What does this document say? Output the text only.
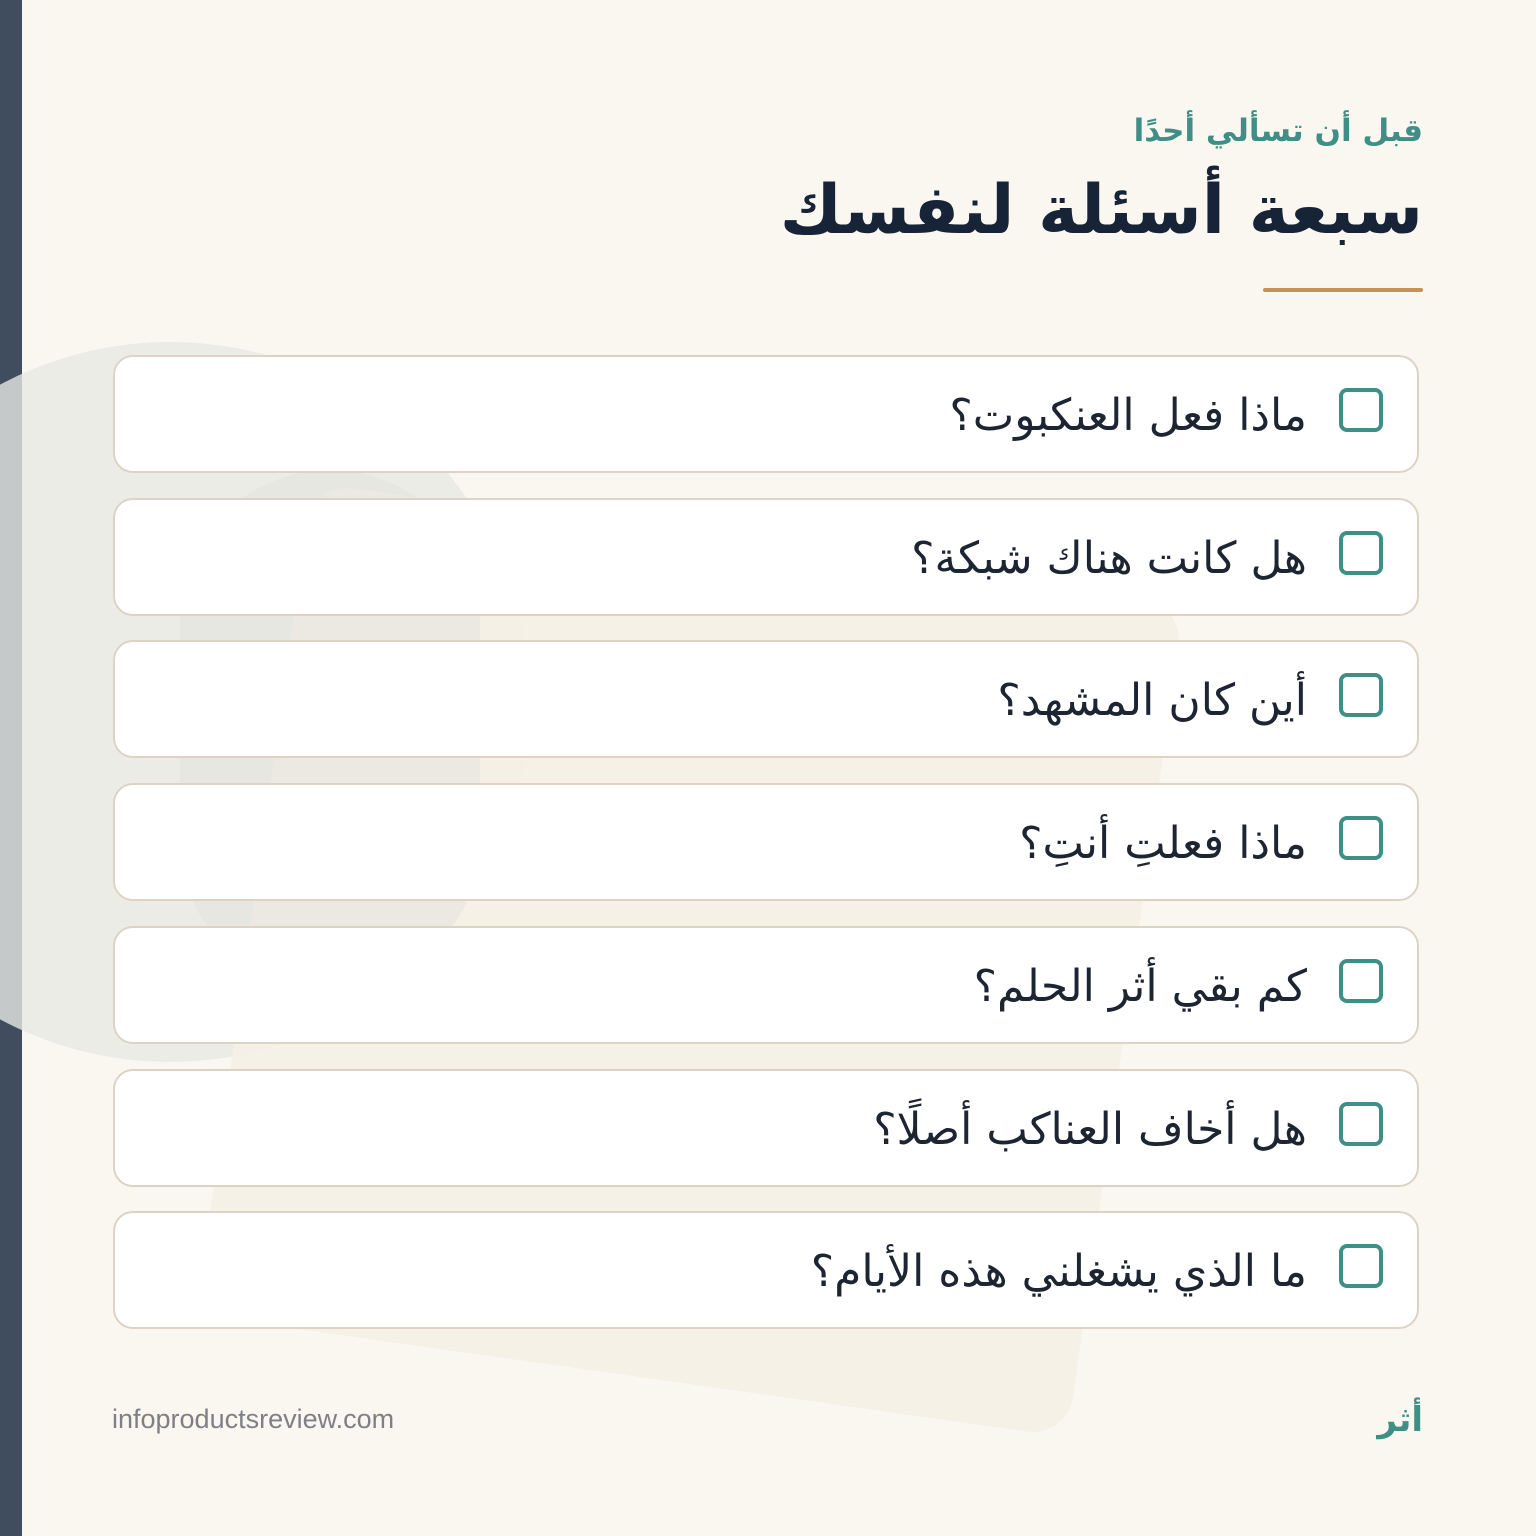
قبل أن تسألي أحدًا

سبعة أسئلة لنفسك
ماذا فعل العنكبوت؟
هل كانت هناك شبكة؟
أين كان المشهد؟
ماذا فعلتِ أنتِ؟
كم بقي أثر الحلم؟
هل أخاف العناكب أصلًا؟
ما الذي يشغلني هذه الأيام؟
infoproductsreview.com	أثر
